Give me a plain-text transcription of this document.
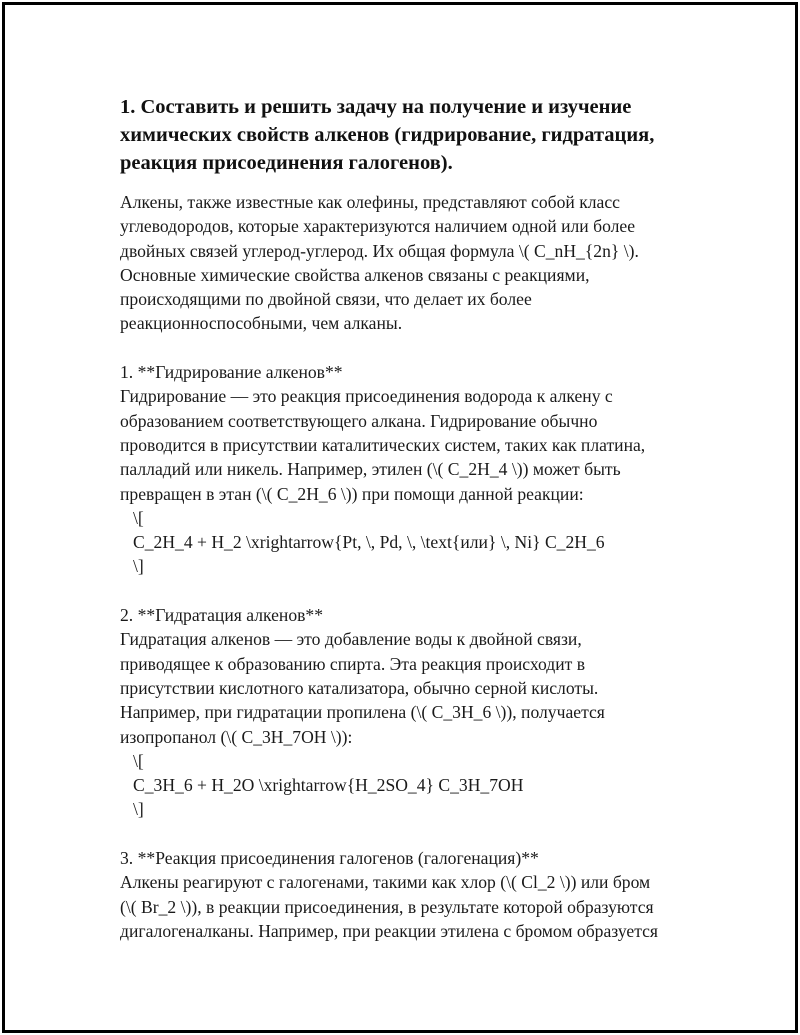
1. Составить и решить задачу на получение и изучение
химических свойств алкенов (гидрирование, гидратация,
реакция присоединения галогенов).
Алкены, также известные как олефины, представляют собой класс
углеводородов, которые характеризуются наличием одной или более
двойных связей углерод-углерод. Их общая формула \( C_nH_{2n} \).
Основные химические свойства алкенов связаны с реакциями,
происходящими по двойной связи, что делает их более
реакционноспособными, чем алканы.
1. **Гидрирование алкенов**
Гидрирование — это реакция присоединения водорода к алкену с
образованием соответствующего алкана. Гидрирование обычно
проводится в присутствии каталитических систем, таких как платина,
палладий или никель. Например, этилен (\( C_2H_4 \)) может быть
превращен в этан (\( C_2H_6 \)) при помощи данной реакции:
\[
C_2H_4 + H_2 \xrightarrow{Pt, \, Pd, \, \text{или} \, Ni} C_2H_6
\]
2. **Гидратация алкенов**
Гидратация алкенов — это добавление воды к двойной связи,
приводящее к образованию спирта. Эта реакция происходит в
присутствии кислотного катализатора, обычно серной кислоты.
Например, при гидратации пропилена (\( C_3H_6 \)), получается
изопропанол (\( C_3H_7OH \)):
\[
C_3H_6 + H_2O \xrightarrow{H_2SO_4} C_3H_7OH
\]
3. **Реакция присоединения галогенов (галогенация)**
Алкены реагируют с галогенами, такими как хлор (\( Cl_2 \)) или бром
(\( Br_2 \)), в реакции присоединения, в результате которой образуются
дигалогеналканы. Например, при реакции этилена с бромом образуется
